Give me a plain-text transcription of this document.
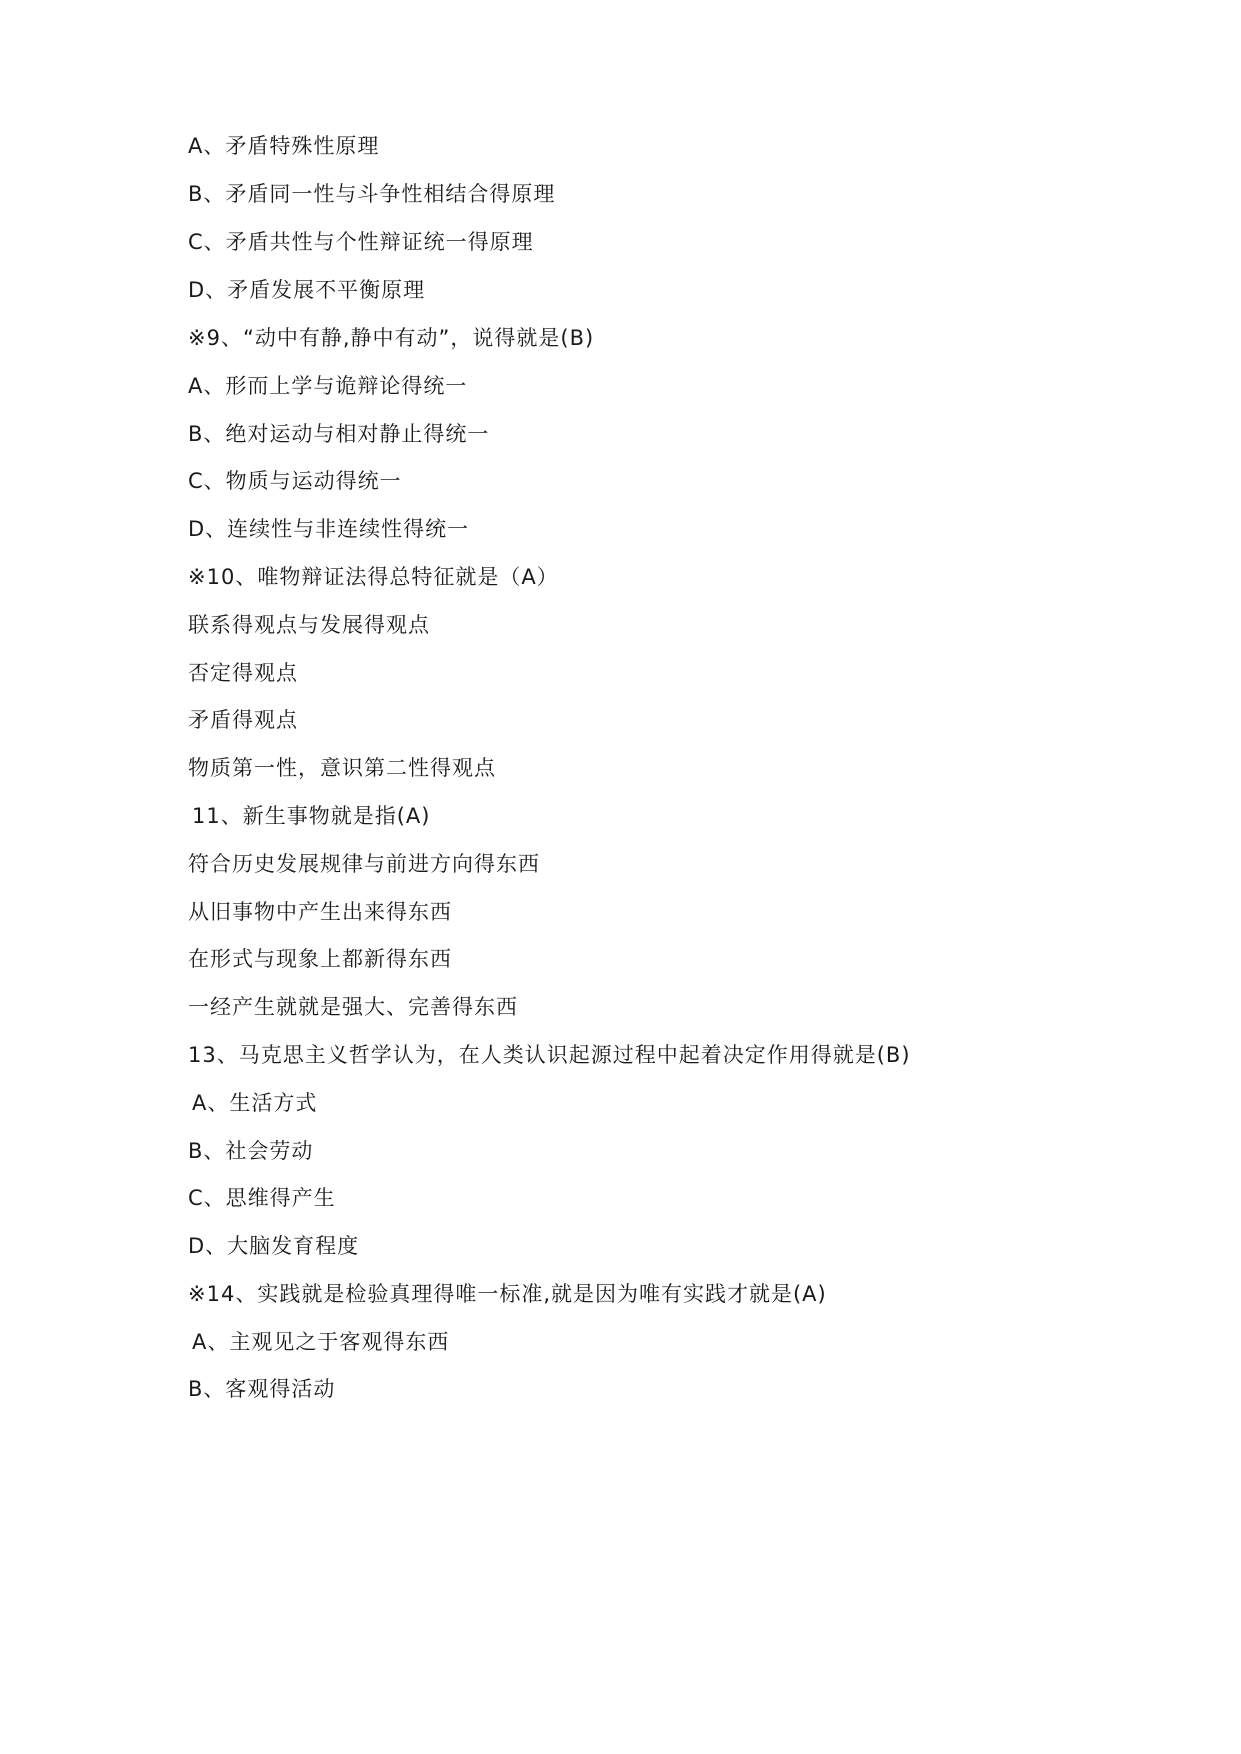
A、矛盾特殊性原理

B、矛盾同一性与斗争性相结合得原理

C、矛盾共性与个性辩证统一得原理

D、矛盾发展不平衡原理

※9、“动中有静,静中有动”，说得就是(B)

A、形而上学与诡辩论得统一

B、绝对运动与相对静止得统一

C、物质与运动得统一

D、连续性与非连续性得统一

※10、唯物辩证法得总特征就是（A）

联系得观点与发展得观点

否定得观点

矛盾得观点

物质第一性，意识第二性得观点

11、新生事物就是指(A)

符合历史发展规律与前进方向得东西

从旧事物中产生出来得东西

在形式与现象上都新得东西

一经产生就就是强大、完善得东西

13、马克思主义哲学认为，在人类认识起源过程中起着决定作用得就是(B)

A、生活方式

B、社会劳动

C、思维得产生

D、大脑发育程度

※14、实践就是检验真理得唯一标准,就是因为唯有实践才就是(A)

A、主观见之于客观得东西

B、客观得活动
